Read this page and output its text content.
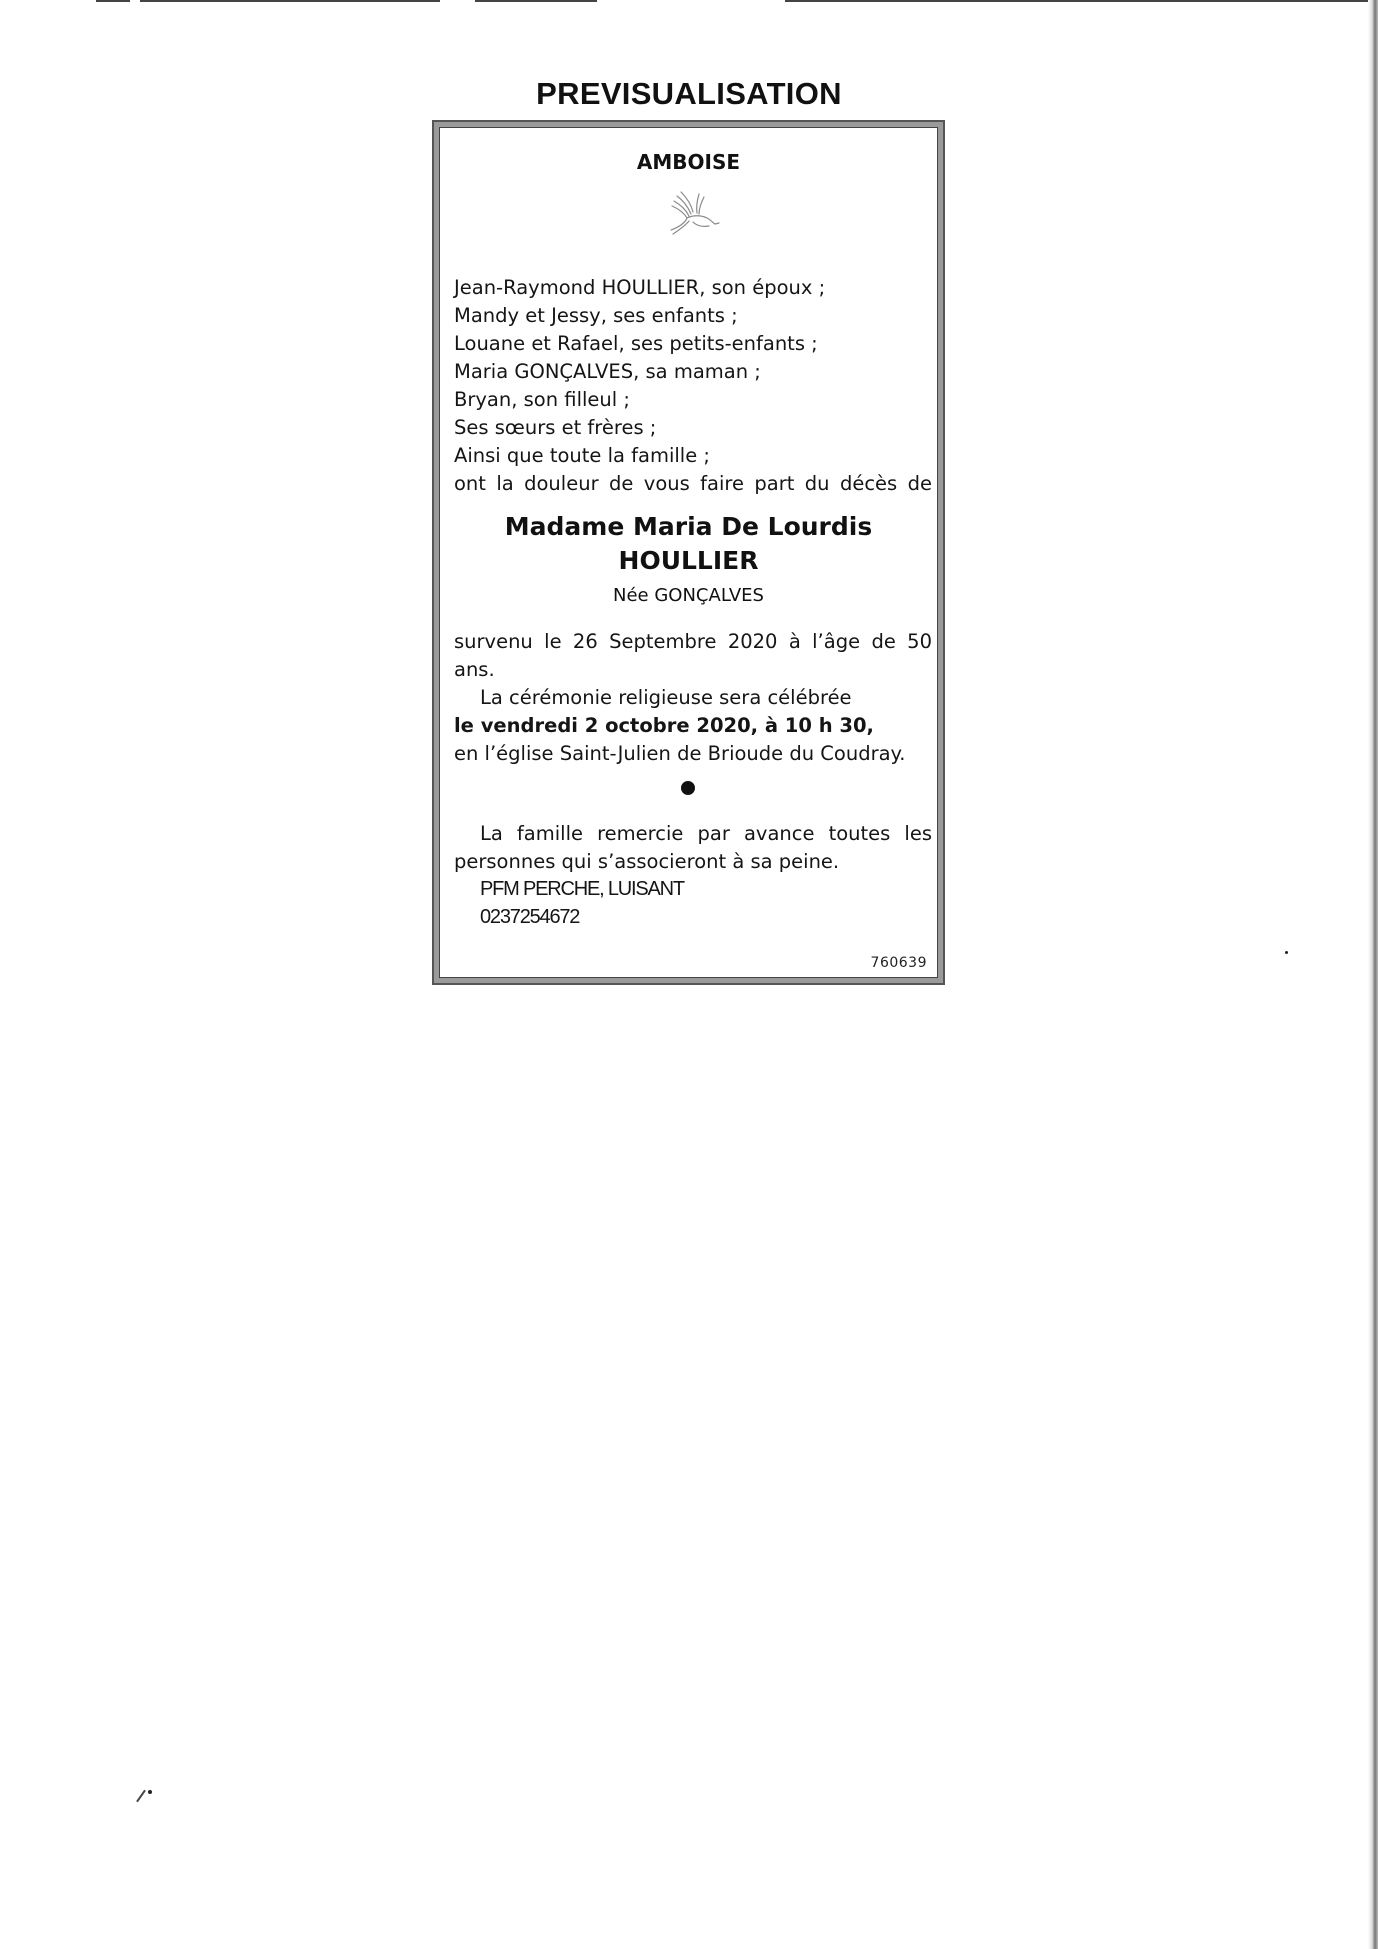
PREVISUALISATION
AMBOISE
Jean-Raymond HOULLIER, son époux ;
Mandy et Jessy, ses enfants ;
Louane et Rafael, ses petits-enfants ;
Maria GONÇALVES, sa maman ;
Bryan, son filleul ;
Ses sœurs et frères ;
Ainsi que toute la famille ;
ont la douleur de vous faire part du décès de
Madame Maria De Lourdis
HOULLIER
Née GONÇALVES
survenu le 26 Septembre 2020 à l’âge de 50 ans.
La cérémonie religieuse sera célébrée
le vendredi 2 octobre 2020, à 10 h 30,
en l’église Saint-Julien de Brioude du Coudray.
La famille remercie par avance toutes les personnes qui s’associeront à sa peine.
PFM PERCHE, LUISANT
0237254672
760639
